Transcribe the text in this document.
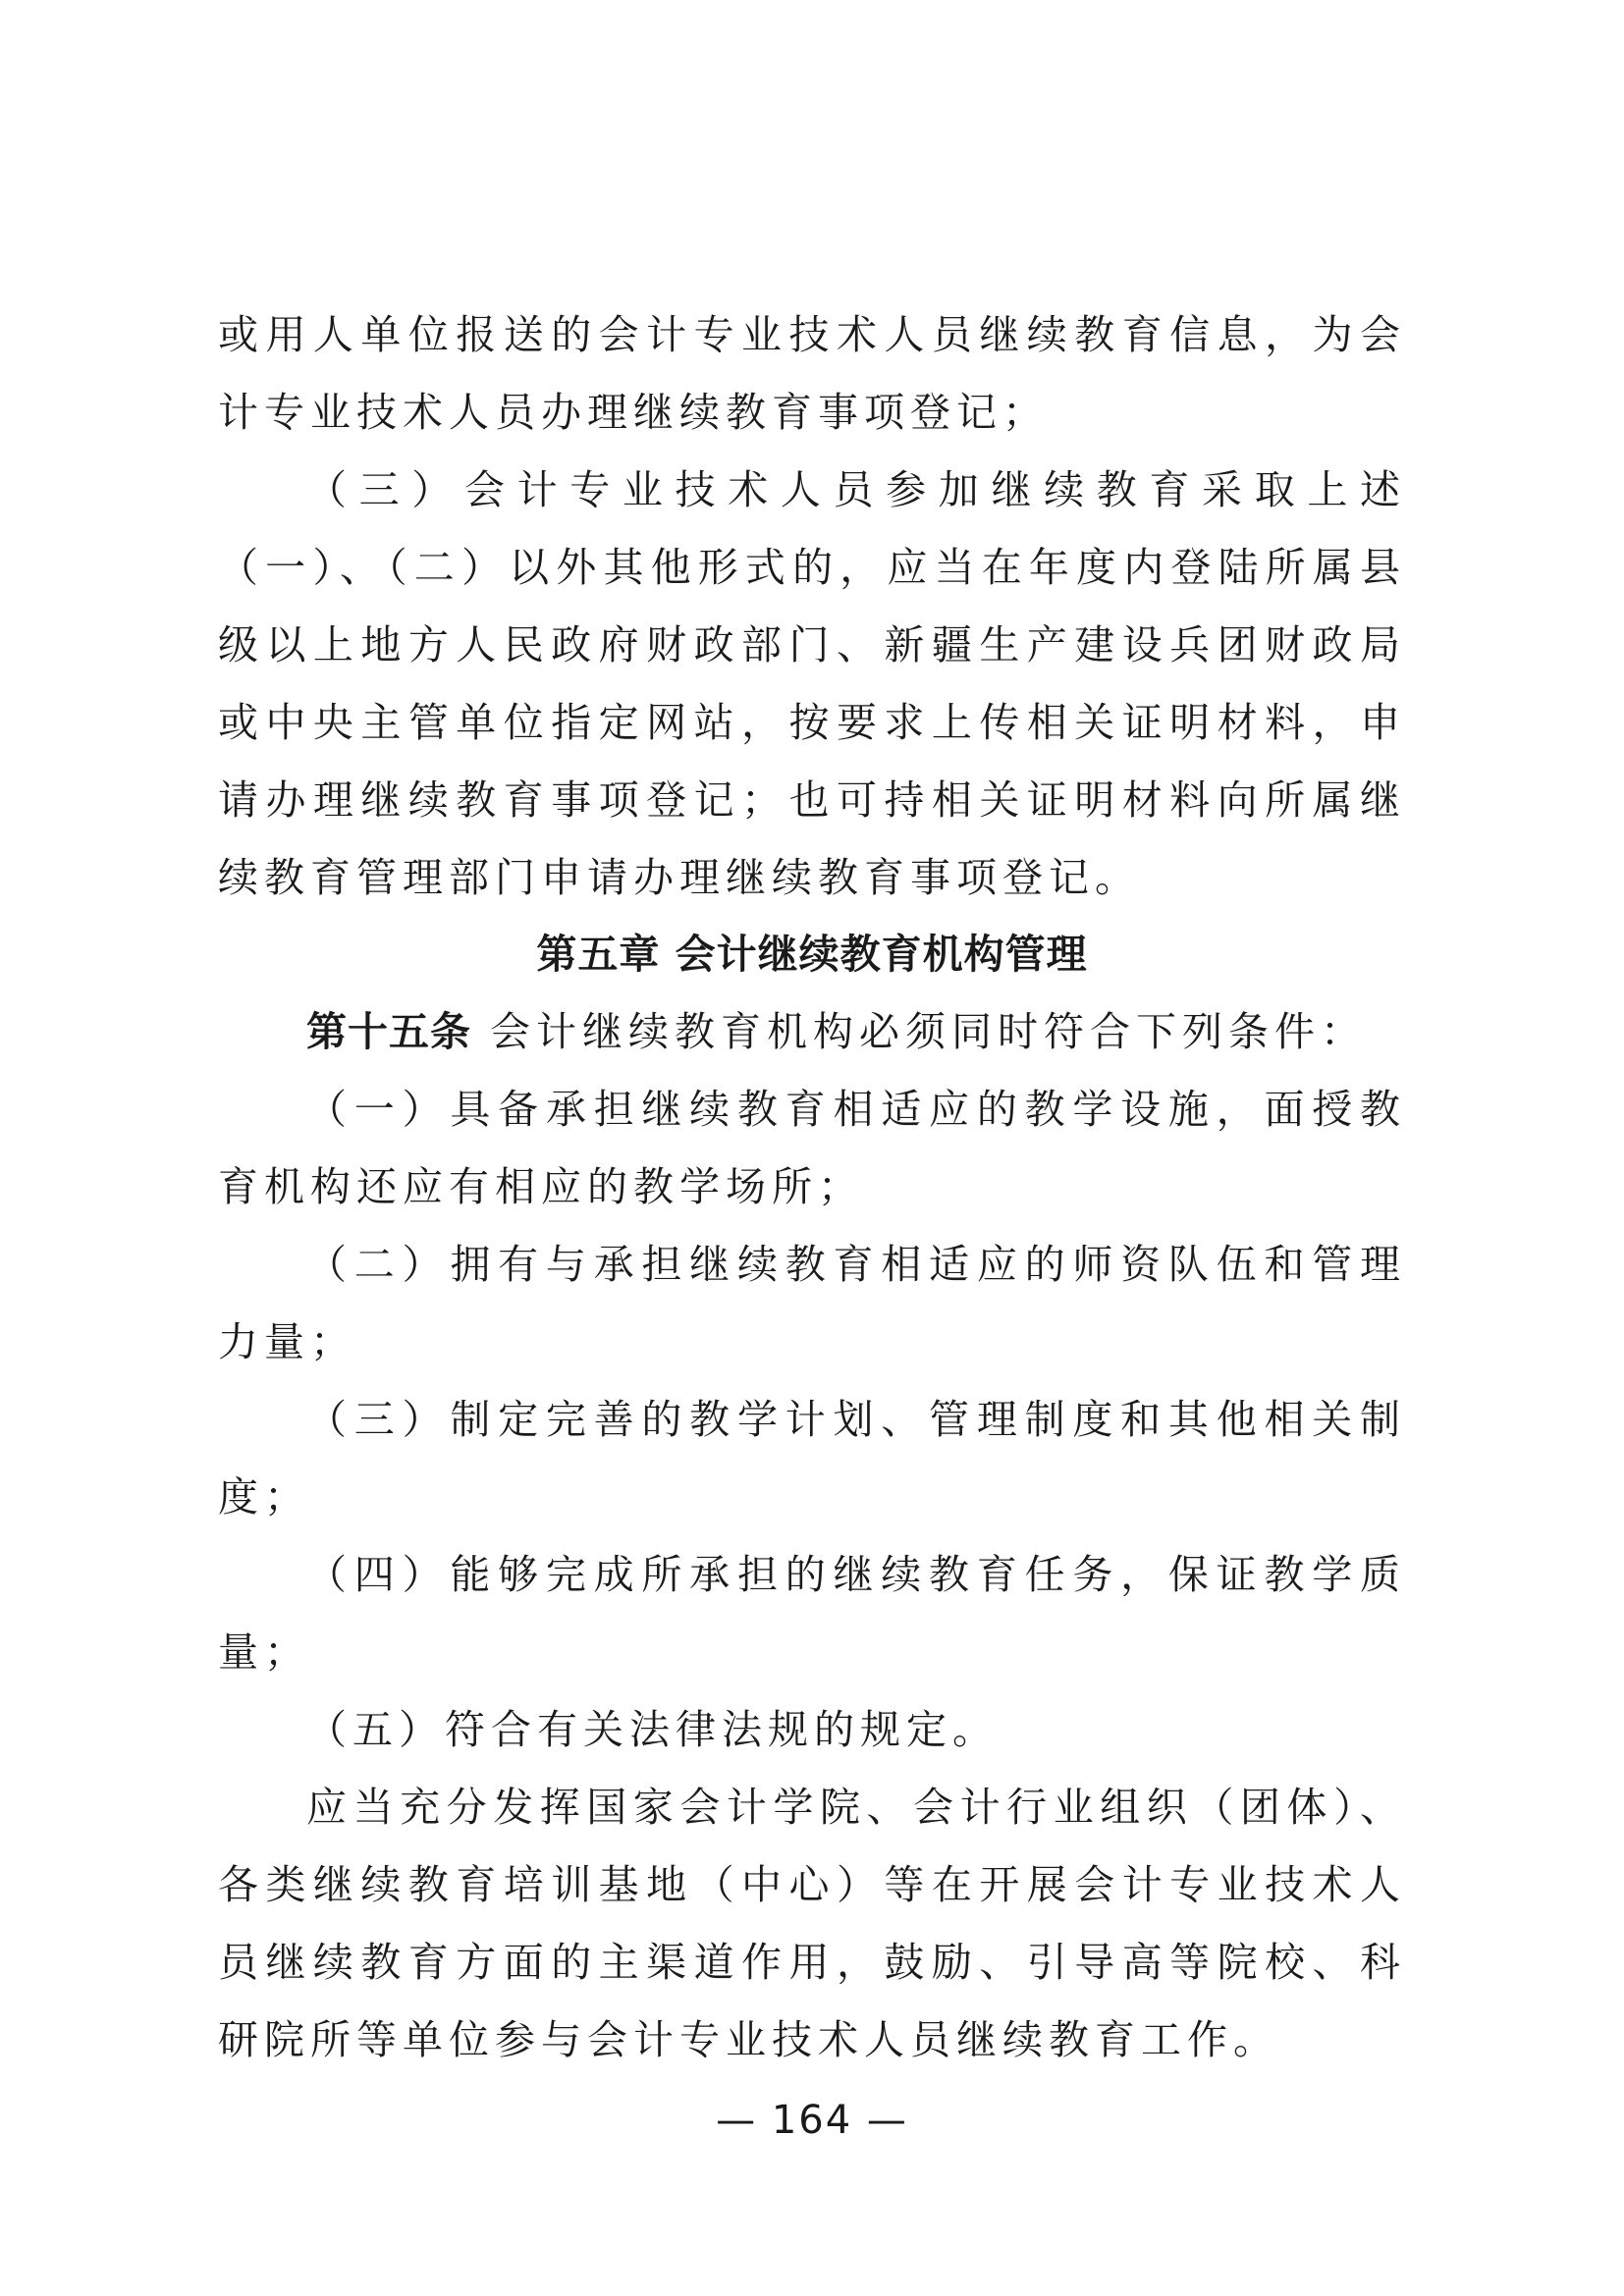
或用人单位报送的会计专业技术人员继续教育信息，为会计专业技术人员办理继续教育事项登记；

（三）会计专业技术人员参加继续教育采取上述（一）、（二）以外其他形式的，应当在年度内登陆所属县级以上地方人民政府财政部门、新疆生产建设兵团财政局或中央主管单位指定网站，按要求上传相关证明材料，申请办理继续教育事项登记；也可持相关证明材料向所属继续教育管理部门申请办理继续教育事项登记。

第五章 会计继续教育机构管理

第十五条 会计继续教育机构必须同时符合下列条件：

（一）具备承担继续教育相适应的教学设施，面授教育机构还应有相应的教学场所；

（二）拥有与承担继续教育相适应的师资队伍和管理力量；

（三）制定完善的教学计划、管理制度和其他相关制度；

（四）能够完成所承担的继续教育任务，保证教学质量；

（五）符合有关法律法规的规定。

应当充分发挥国家会计学院、会计行业组织（团体）、各类继续教育培训基地（中心）等在开展会计专业技术人员继续教育方面的主渠道作用，鼓励、引导高等院校、科研院所等单位参与会计专业技术人员继续教育工作。

— 164 —
